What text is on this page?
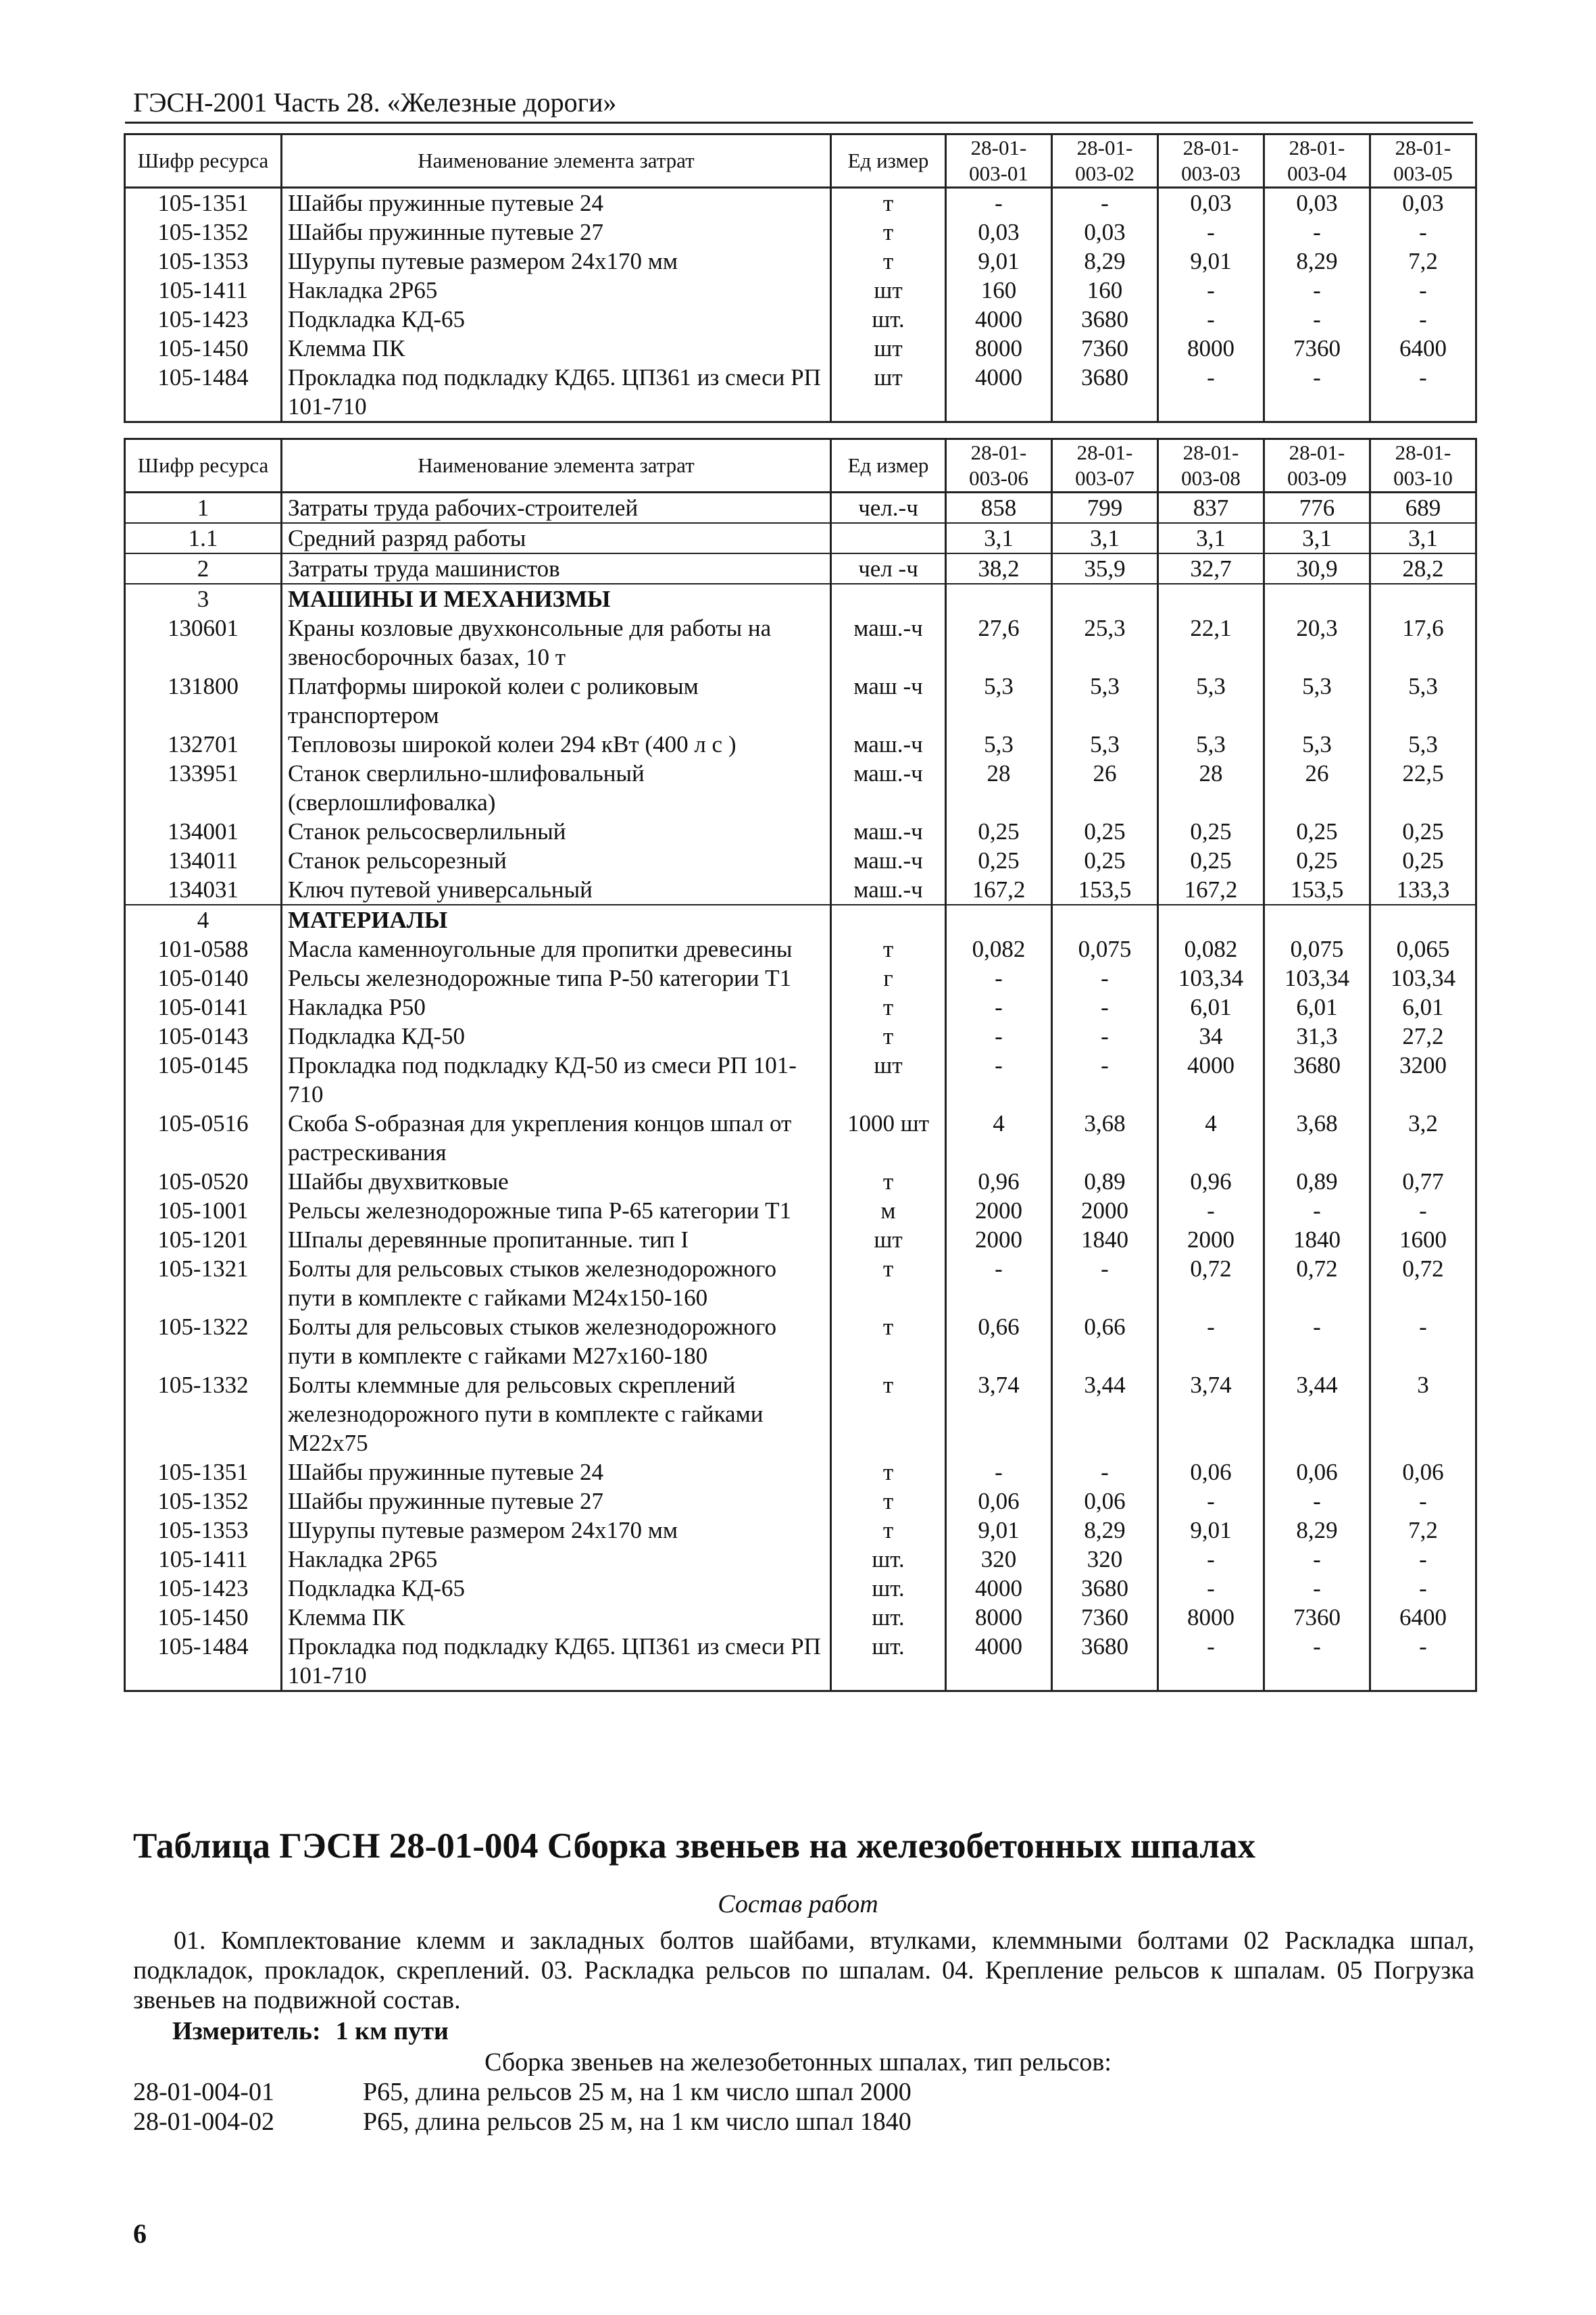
ГЭСН-2001 Часть 28. «Железные дороги»
Шифр ресурса	Наименование элемента затрат	Ед измер	28-01-003-01	28-01-003-02	28-01-003-03	28-01-003-04	28-01-003-05
105-1351	Шайбы пружинные путевые 24	т	-	-	0,03	0,03	0,03
105-1352	Шайбы пружинные путевые 27	т	0,03	0,03	-	-	-
105-1353	Шурупы путевые размером 24x170 мм	т	9,01	8,29	9,01	8,29	7,2
105-1411	Накладка 2Р65	шт	160	160	-	-	-
105-1423	Подкладка КД-65	шт.	4000	3680	-	-	-
105-1450	Клемма ПК	шт	8000	7360	8000	7360	6400
105-1484	Прокладка под подкладку КД65. ЦП361 из смеси РП 101-710	шт	4000	3680	-	-	-
Шифр ресурса	Наименование элемента затрат	Ед измер	28-01-003-06	28-01-003-07	28-01-003-08	28-01-003-09	28-01-003-10
1	Затраты труда рабочих-строителей	чел.-ч	858	799	837	776	689
1.1	Средний разряд работы		3,1	3,1	3,1	3,1	3,1
2	Затраты труда машинистов	чел -ч	38,2	35,9	32,7	30,9	28,2
3	МАШИНЫ И МЕХАНИЗМЫ						
130601	Краны козловые двухконсольные для работы на звеносборочных базах, 10 т	маш.-ч	27,6	25,3	22,1	20,3	17,6
131800	Платформы широкой колеи с роликовым транспортером	маш -ч	5,3	5,3	5,3	5,3	5,3
132701	Тепловозы широкой колеи 294 кВт (400 л с )	маш.-ч	5,3	5,3	5,3	5,3	5,3
133951	Станок сверлильно-шлифовальный (сверлошлифовалка)	маш.-ч	28	26	28	26	22,5
134001	Станок рельсосверлильный	маш.-ч	0,25	0,25	0,25	0,25	0,25
134011	Станок рельсорезный	маш.-ч	0,25	0,25	0,25	0,25	0,25
134031	Ключ путевой универсальный	маш.-ч	167,2	153,5	167,2	153,5	133,3
4	МАТЕРИАЛЫ						
101-0588	Масла каменноугольные для пропитки древесины	т	0,082	0,075	0,082	0,075	0,065
105-0140	Рельсы железнодорожные типа Р-50 категории Т1	г	-	-	103,34	103,34	103,34
105-0141	Накладка Р50	т	-	-	6,01	6,01	6,01
105-0143	Подкладка КД-50	т	-	-	34	31,3	27,2
105-0145	Прокладка под подкладку КД-50 из смеси РП 101-710	шт	-	-	4000	3680	3200
105-0516	Скоба S-образная для укрепления концов шпал от растрескивания	1000 шт	4	3,68	4	3,68	3,2
105-0520	Шайбы двухвитковые	т	0,96	0,89	0,96	0,89	0,77
105-1001	Рельсы железнодорожные типа Р-65 категории Т1	м	2000	2000	-	-	-
105-1201	Шпалы деревянные пропитанные. тип I	шт	2000	1840	2000	1840	1600
105-1321	Болты для рельсовых стыков железнодорожного пути в комплекте с гайками М24х150-160	т	-	-	0,72	0,72	0,72
105-1322	Болты для рельсовых стыков железнодорожного пути в комплекте с гайками М27х160-180	т	0,66	0,66	-	-	-
105-1332	Болты клеммные для рельсовых скреплений железнодорожного пути в комплекте с гайками М22х75	т	3,74	3,44	3,74	3,44	3
105-1351	Шайбы пружинные путевые 24	т	-	-	0,06	0,06	0,06
105-1352	Шайбы пружинные путевые 27	т	0,06	0,06	-	-	-
105-1353	Шурупы путевые размером 24x170 мм	т	9,01	8,29	9,01	8,29	7,2
105-1411	Накладка 2Р65	шт.	320	320	-	-	-
105-1423	Подкладка КД-65	шт.	4000	3680	-	-	-
105-1450	Клемма ПК	шт.	8000	7360	8000	7360	6400
105-1484	Прокладка под подкладку КД65. ЦП361 из смеси РП 101-710	шт.	4000	3680	-	-	-
Таблица ГЭСН 28-01-004 Сборка звеньев на железобетонных шпалах
Состав работ
01. Комплектование клемм и закладных болтов шайбами, втулками, клеммными болтами 02 Раскладка шпал, подкладок, прокладок, скреплений. 03. Раскладка рельсов по шпалам. 04. Крепление рельсов к шпалам. 05 Погрузка звеньев на подвижной состав.
Измеритель: 1 км пути
Сборка звеньев на железобетонных шпалах, тип рельсов:
28-01-004-01	Р65, длина рельсов 25 м, на 1 км число шпал 2000
28-01-004-02	Р65, длина рельсов 25 м, на 1 км число шпал 1840
6
